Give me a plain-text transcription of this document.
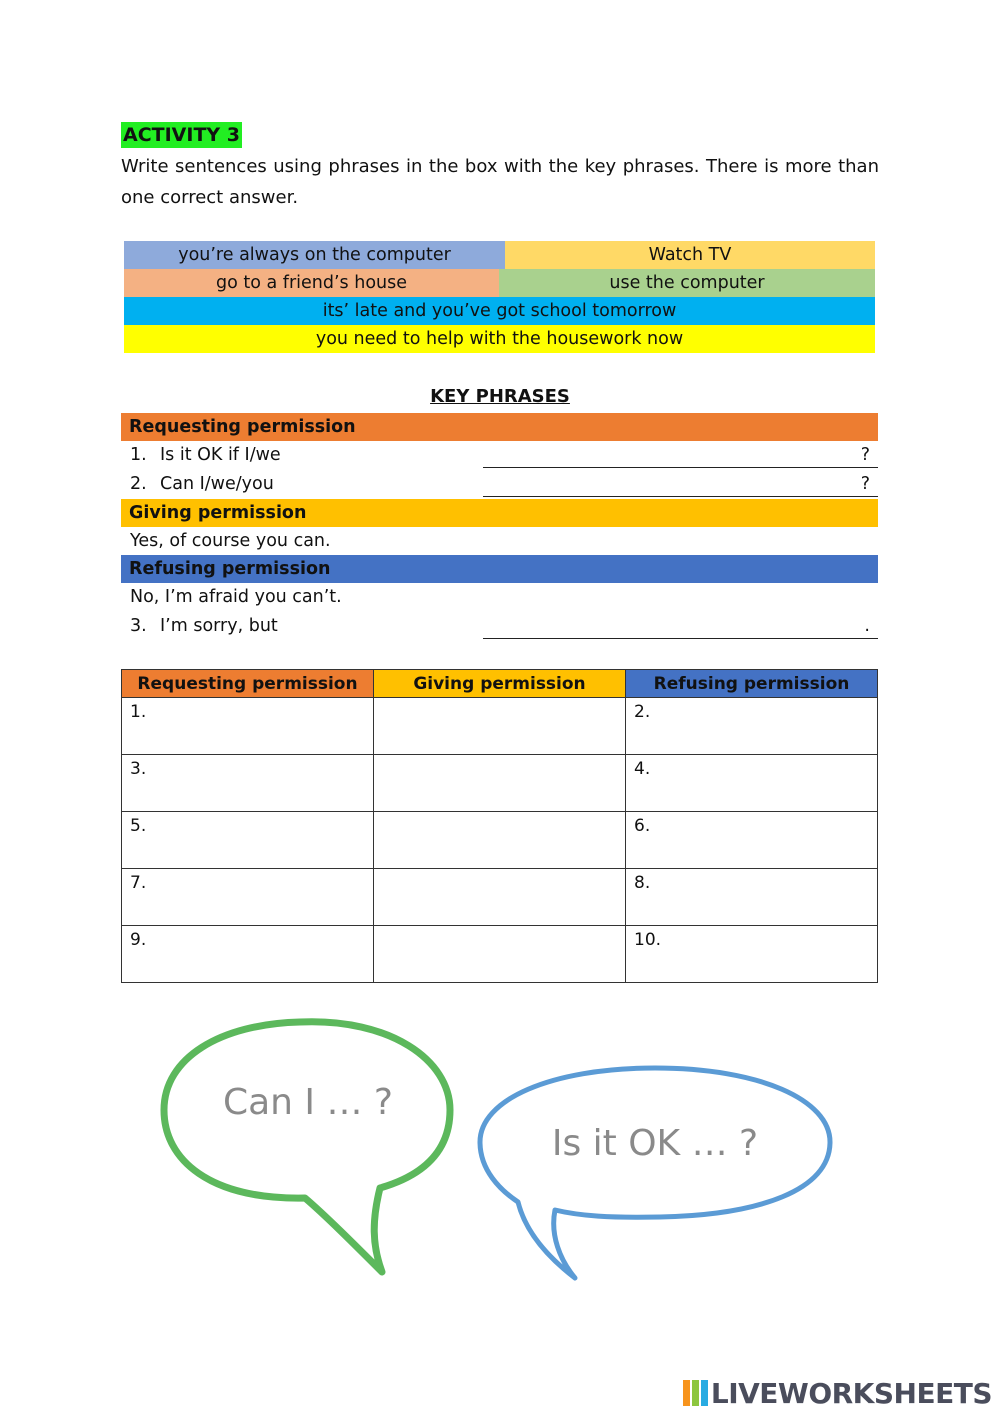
ACTIVITY 3

Write sentences using phrases in the box with the key phrases. There is more than one correct answer.

you’re always on the computer	Watch TV
go to a friend’s house	use the computer
its’ late and you’ve got school tomorrow
you need to help with the housework now
KEY PHRASES
Requesting permission
1. Is it OK if I/we	?
2. Can I/we/you	?
Giving permission
Yes, of course you can.
Refusing permission
No, I’m afraid you can’t.
3. I’m sorry, but	.
Requesting permission	Giving permission	Refusing permission
1.		2.
3.		4.
5.		6.
7.		8.
9.		10.
Can I … ?
Is it OK … ?
LIVEWORKSHEETS
